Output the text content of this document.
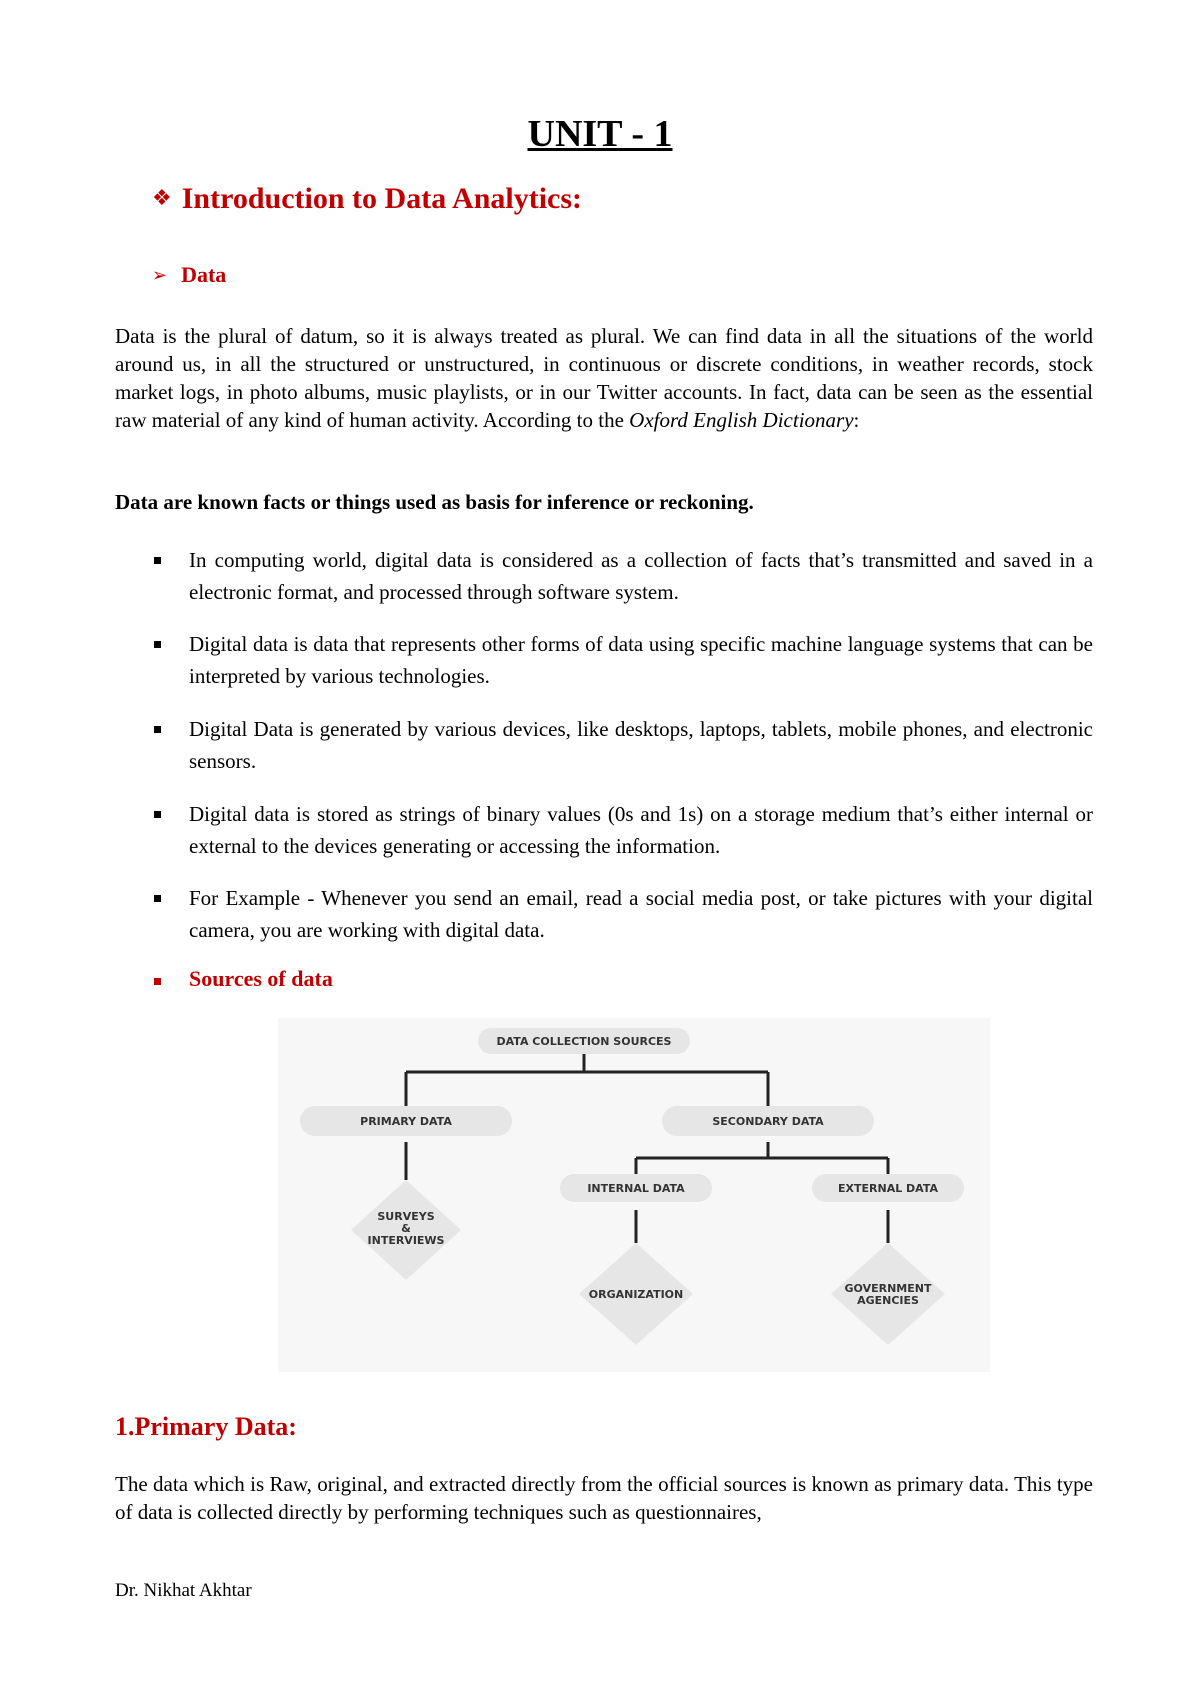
UNIT - 1
❖ Introduction to Data Analytics:
➢ Data
Data is the plural of datum, so it is always treated as plural. We can find data in all the situations of the world around us, in all the structured or unstructured, in continuous or discrete conditions, in weather records, stock market logs, in photo albums, music playlists, or in our Twitter accounts. In fact, data can be seen as the essential raw material of any kind of human activity. According to the Oxford English Dictionary:
Data are known facts or things used as basis for inference or reckoning.
In computing world, digital data is considered as a collection of facts that’s transmitted and saved in a electronic format, and processed through software system.
Digital data is data that represents other forms of data using specific machine language systems that can be interpreted by various technologies.
Digital Data is generated by various devices, like desktops, laptops, tablets, mobile phones, and electronic sensors.
Digital data is stored as strings of binary values (0s and 1s) on a storage medium that’s either internal or external to the devices generating or accessing the information.
For Example - Whenever you send an email, read a social media post, or take pictures with your digital camera, you are working with digital data.
Sources of data
DATA COLLECTION SOURCES
PRIMARY DATA	SECONDARY DATA
INTERNAL DATA	EXTERNAL DATA
SURVEYS
&
INTERVIEWS
ORGANIZATION	GOVERNMENT
AGENCIES
1.Primary Data:
The data which is Raw, original, and extracted directly from the official sources is known as primary data. This type of data is collected directly by performing techniques such as questionnaires,
Dr. Nikhat Akhtar
